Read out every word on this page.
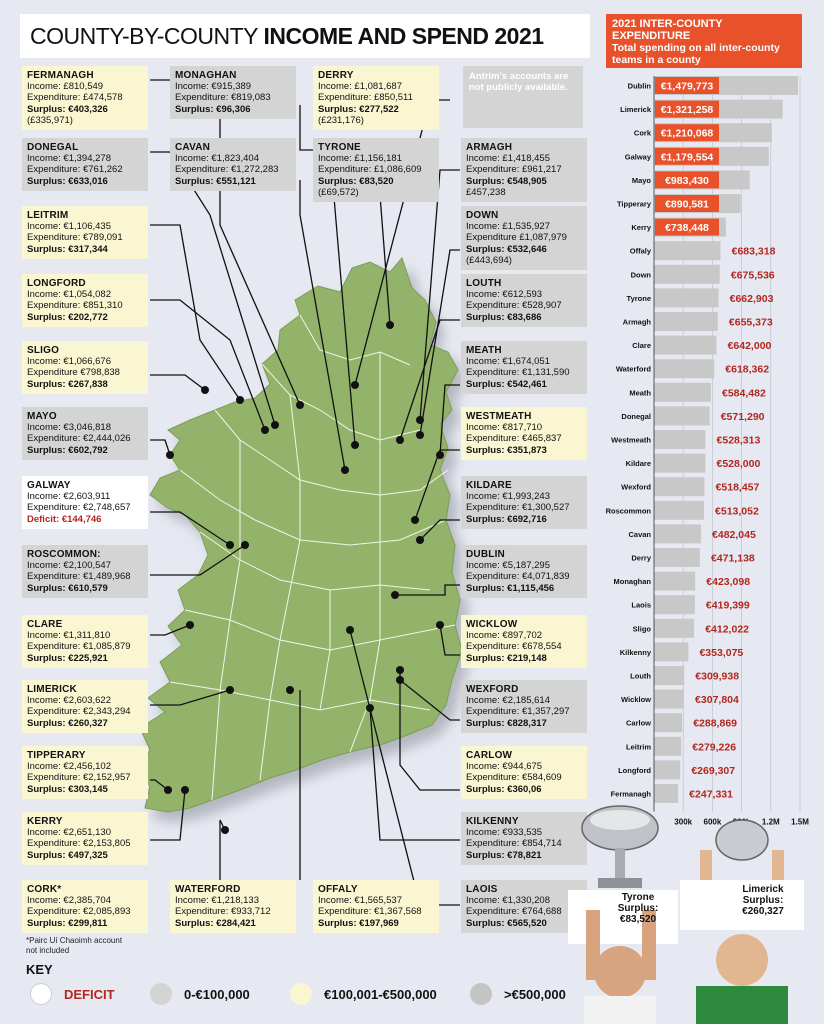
COUNTY-BY-COUNTY INCOME AND SPEND 2021
FERMANAGH
Income: £810,549
Expenditure: £474,578
Surplus: €403,326
(£335,971)
MONAGHAN
Income: €915,389
Expenditure: €819,083
Surplus: €96,306
DERRY
Income: £1,081,687
Expenditure: £850,511
Surplus: €277,522
(£231,176)
DONEGAL
Income: €1,394,278
Expenditure: €761,262
Surplus: €633,016
CAVAN
Income: €1,823,404
Expenditure: €1,272,283
Surplus: €551,121
TYRONE
Income: £1,156,181
Expenditure: £1,086,609
Surplus: €83,520
(£69,572)
ARMAGH
Income: £1,418,455
Expenditure: £961,217
Surplus: €548,905
£457,238
LEITRIM
Income: €1,106,435
Expenditure: €789,091
Surplus: €317,344
DOWN
Income: £1,535,927
Expenditure £1,087,979
Surplus: €532,646
(£443,694)
LONGFORD
Income: €1,054,082
Expenditure: €851,310
Surplus: €202,772
LOUTH
Income: €612,593
Expenditure: €528,907
Surplus: €83,686
SLIGO
Income: €1,066,676
Expenditure €798,838
Surplus: €267,838
MEATH
Income: €1,674,051
Expenditure: €1,131,590
Surplus: €542,461
MAYO
Income: €3,046,818
Expenditure: €2,444,026
Surplus: €602,792
WESTMEATH
Income: €817,710
Expenditure: €465,837
Surplus: €351,873
GALWAY
Income: €2,603,911
Expenditure: €2,748,657
Deficit: €144,746
KILDARE
Income: €1,993,243
Expenditure: €1,300,527
Surplus: €692,716
ROSCOMMON:
Income: €2,100,547
Expenditure: €1,489,968
Surplus: €610,579
DUBLIN
Income: €5,187,295
Expenditure: €4,071,839
Surplus: €1,115,456
CLARE
Income: €1,311,810
Expenditure: €1,085,879
Surplus: €225,921
WICKLOW
Income: €897,702
Expenditure: €678,554
Surplus: €219,148
LIMERICK
Income: €2,603,622
Expenditure: €2,343,294
Surplus: €260,327
WEXFORD
Income: €2,185,614
Expenditure: €1,357,297
Surplus: €828,317
TIPPERARY
Income: €2,456,102
Expenditure: €2,152,957
Surplus: €303,145
CARLOW
Income: €944,675
Expenditure: €584,609
Surplus: €360,06
KERRY
Income: €2,651,130
Expenditure: €2,153,805
Surplus: €497,325
KILKENNY
Income: €933,535
Expenditure: €854,714
Surplus: €78,821
CORK*
Income: €2,385,704
Expenditure: €2,085,893
Surplus: €299,811
WATERFORD
Income: €1,218,133
Expenditure: €933,712
Surplus: €284,421
OFFALY
Income: €1,565,537
Expenditure: €1,367,568
Surplus: €197,969
LAOIS
Income: €1,330,208
Expenditure: €764,688
Surplus: €565,520
Antrim's accounts are not publicly available.
2021 INTER-COUNTY EXPENDITURE
Total spending on all inter-county teams in a county
300k 600k	1.2M 1.5M
Dublin €1,479,773
Limerick €1,321,258
Cork €1,210,068
Galway €1,179,554
Mayo €983,430
Tipperary €890,581
Kerry €738,448
Offaly	€683,318
Down	€675,536
Tyrone	€662,903
Armagh	€655,373
Clare	€642,000
Waterford	€618,362
Meath	€584,482
Donegal	€571,290
Westmeath	€528,313
Kildare	€528,000
Wexford	€518,457
Roscommon	€513,052
Cavan	€482,045
Derry	€471,138
Monaghan	€423,098
Laois	€419,399
Sligo	€412,022
Kilkenny	€353,075
Louth	€309,938
Wicklow	€307,804
Carlow	€288,869
Leitrim	€279,226
Longford	€269,307
Fermanagh	€247,331
*Pairc Uí Chaoimh account
not included
KEY
DEFICIT	0-€100,000	€100,001-€500,000	>€500,000
Tyrone
Surplus:
€83,520
Limerick
Surplus:
€260,327
